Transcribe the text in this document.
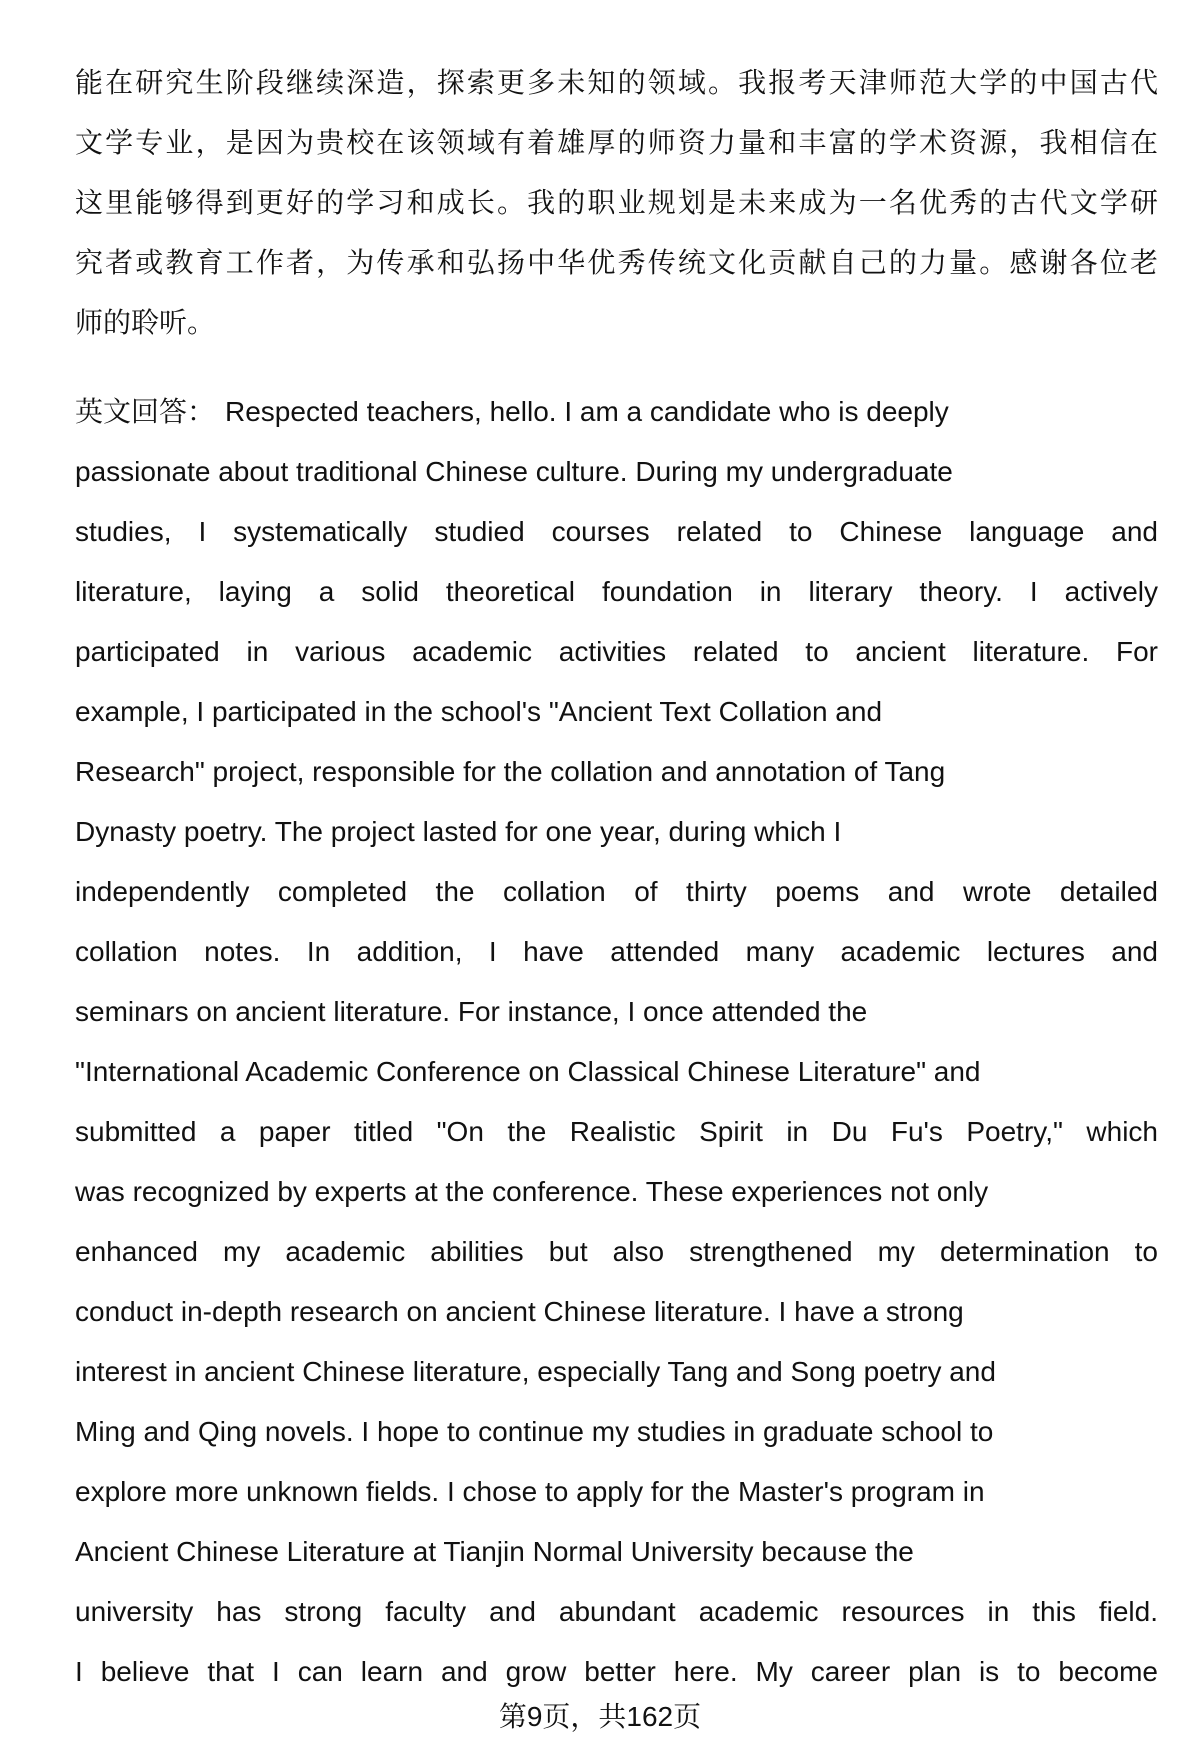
能在研究生阶段继续深造，探索更多未知的领域。我报考天津师范大学的中国古代
文学专业，是因为贵校在该领域有着雄厚的师资力量和丰富的学术资源，我相信在
这里能够得到更好的学习和成长。我的职业规划是未来成为一名优秀的古代文学研
究者或教育工作者，为传承和弘扬中华优秀传统文化贡献自己的力量。感谢各位老
师的聆听。
英文回答： Respected teachers, hello. I am a candidate who is deeply
passionate about traditional Chinese culture. During my undergraduate
studies, I systematically studied courses related to Chinese language and
literature, laying a solid theoretical foundation in literary theory. I actively
participated in various academic activities related to ancient literature. For
example, I participated in the school's "Ancient Text Collation and
Research" project, responsible for the collation and annotation of Tang
Dynasty poetry. The project lasted for one year, during which I
independently completed the collation of thirty poems and wrote detailed
collation notes. In addition, I have attended many academic lectures and
seminars on ancient literature. For instance, I once attended the
"International Academic Conference on Classical Chinese Literature" and
submitted a paper titled "On the Realistic Spirit in Du Fu's Poetry," which
was recognized by experts at the conference. These experiences not only
enhanced my academic abilities but also strengthened my determination to
conduct in-depth research on ancient Chinese literature. I have a strong
interest in ancient Chinese literature, especially Tang and Song poetry and
Ming and Qing novels. I hope to continue my studies in graduate school to
explore more unknown fields. I chose to apply for the Master's program in
Ancient Chinese Literature at Tianjin Normal University because the
university has strong faculty and abundant academic resources in this field.
I believe that I can learn and grow better here. My career plan is to become
第9页，共162页
